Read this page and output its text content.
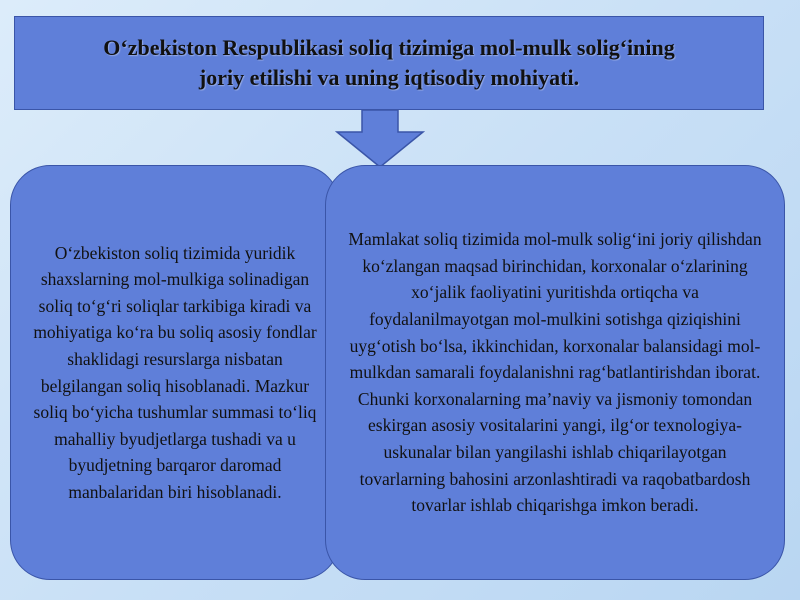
O‘zbekiston Respublikasi soliq tizimiga mol-mulk solig‘ining
joriy etilishi va uning iqtisodiy mohiyati.

O‘zbekiston soliq tizimida yuridik shaxslarning mol-mulkiga solinadigan soliq to‘g‘ri soliqlar tarkibiga kiradi va mohiyatiga ko‘ra bu soliq asosiy fondlar shaklidagi resurslarga nisbatan belgilangan soliq hisoblanadi. Mazkur soliq bo‘yicha tushumlar summasi to‘liq mahalliy byudjetlarga tushadi va u byudjetning barqaror daromad manbalaridan biri hisoblanadi.

Mamlakat soliq tizimida mol-mulk solig‘ini joriy qilishdan ko‘zlangan maqsad birinchidan, korxonalar o‘zlarining xo‘jalik faoliyatini yuritishda ortiqcha va foydalanilmayotgan mol-mulkini sotishga qiziqishini uyg‘otish bo‘lsa, ikkinchidan, korxonalar balansidagi mol-mulkdan samarali foydalanishni rag‘batlantirishdan iborat. Chunki korxonalarning ma’naviy va jismoniy tomondan eskirgan asosiy vositalarini yangi, ilg‘or texnologiya-uskunalar bilan yangilashi ishlab chiqarilayotgan tovarlarning bahosini arzonlashtiradi va raqobatbardosh tovarlar ishlab chiqarishga imkon beradi.
